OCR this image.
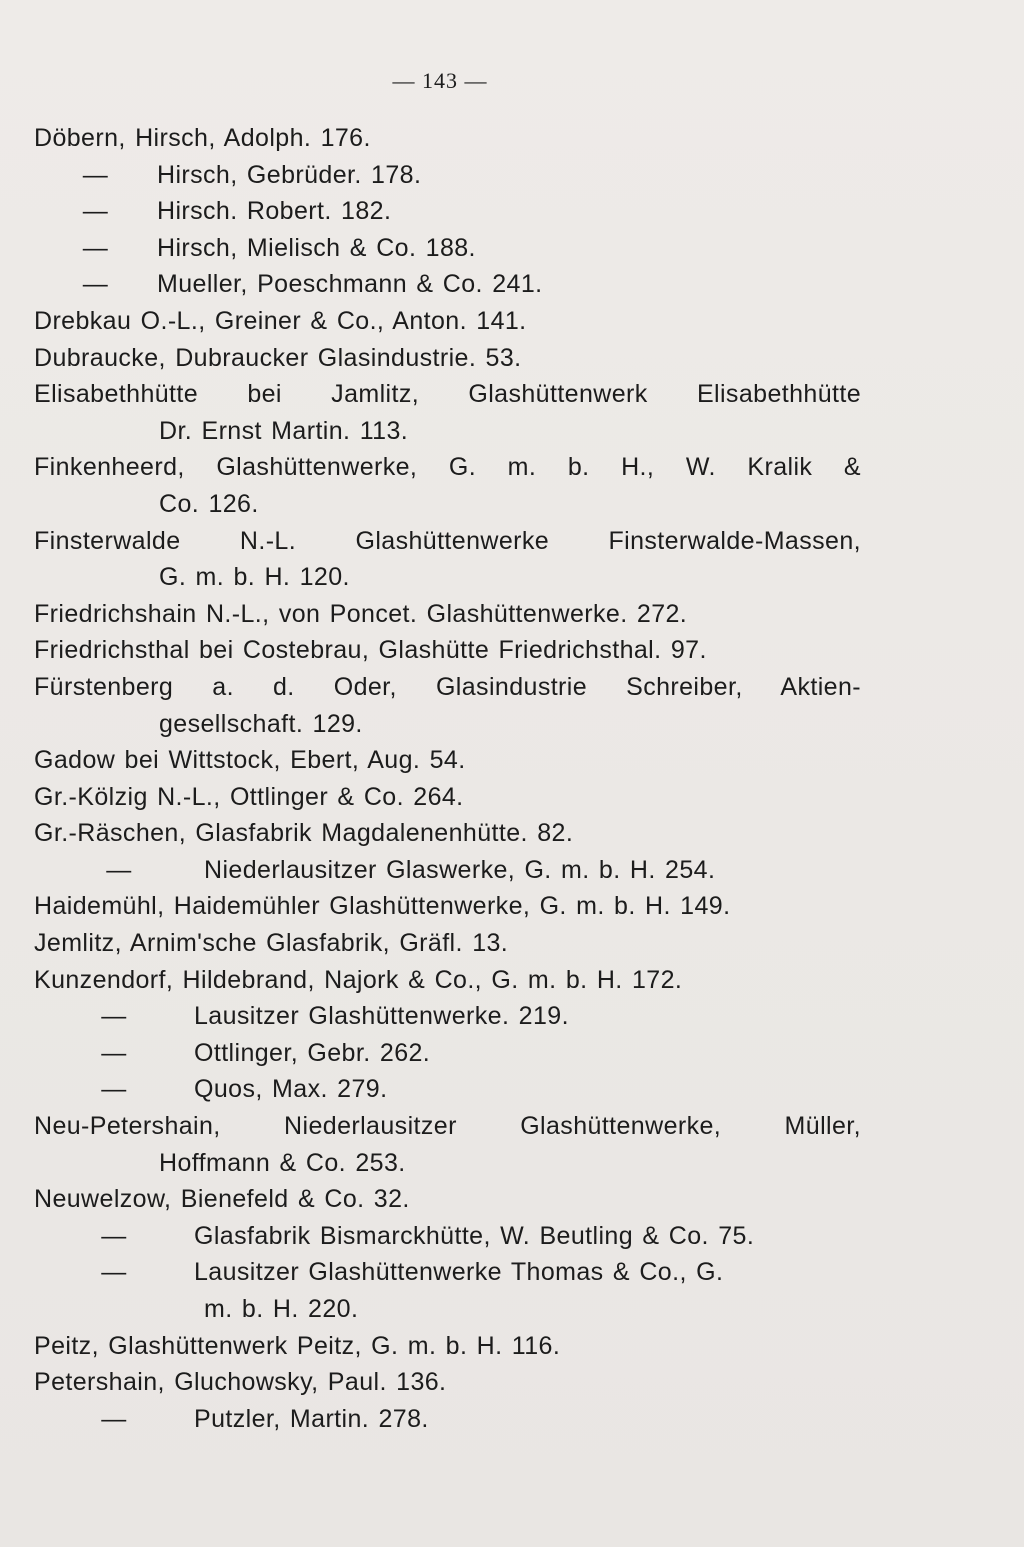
— 143 —
Döbern, Hirsch, Adolph. 176.
— Hirsch, Gebrüder. 178.
— Hirsch. Robert. 182.
— Hirsch, Mielisch & Co. 188.
— Mueller, Poeschmann & Co. 241.
Drebkau O.-L., Greiner & Co., Anton. 141.
Dubraucke, Dubraucker Glasindustrie. 53.
Elisabethhütte bei Jamlitz, Glashüttenwerk Elisabethhütte
Dr. Ernst Martin. 113.
Finkenheerd, Glashüttenwerke, G. m. b. H., W. Kralik &
Co. 126.
Finsterwalde N.-L. Glashüttenwerke Finsterwalde-Massen,
G. m. b. H. 120.
Friedrichshain N.-L., von Poncet. Glashüttenwerke. 272.
Friedrichsthal bei Costebrau, Glashütte Friedrichsthal. 97.
Fürstenberg a. d. Oder, Glasindustrie Schreiber, Aktien-
gesellschaft. 129.
Gadow bei Wittstock, Ebert, Aug. 54.
Gr.-Kölzig N.-L., Ottlinger & Co. 264.
Gr.-Räschen, Glasfabrik Magdalenenhütte. 82.
—	Niederlausitzer Glaswerke, G. m. b. H. 254.
Haidemühl, Haidemühler Glashüttenwerke, G. m. b. H. 149.
Jemlitz, Arnim'sche Glasfabrik, Gräfl. 13.
Kunzendorf, Hildebrand, Najork & Co., G. m. b. H. 172.
—	Lausitzer Glashüttenwerke. 219.
—	Ottlinger, Gebr. 262.
—	Quos, Max. 279.
Neu-Petershain, Niederlausitzer Glashüttenwerke, Müller,
Hoffmann & Co. 253.
Neuwelzow, Bienefeld & Co. 32.
—	Glasfabrik Bismarckhütte, W. Beutling & Co. 75.
—	Lausitzer Glashüttenwerke Thomas & Co., G.
m. b. H. 220.
Peitz, Glashüttenwerk Peitz, G. m. b. H. 116.
Petershain, Gluchowsky, Paul. 136.
—	Putzler, Martin. 278.
